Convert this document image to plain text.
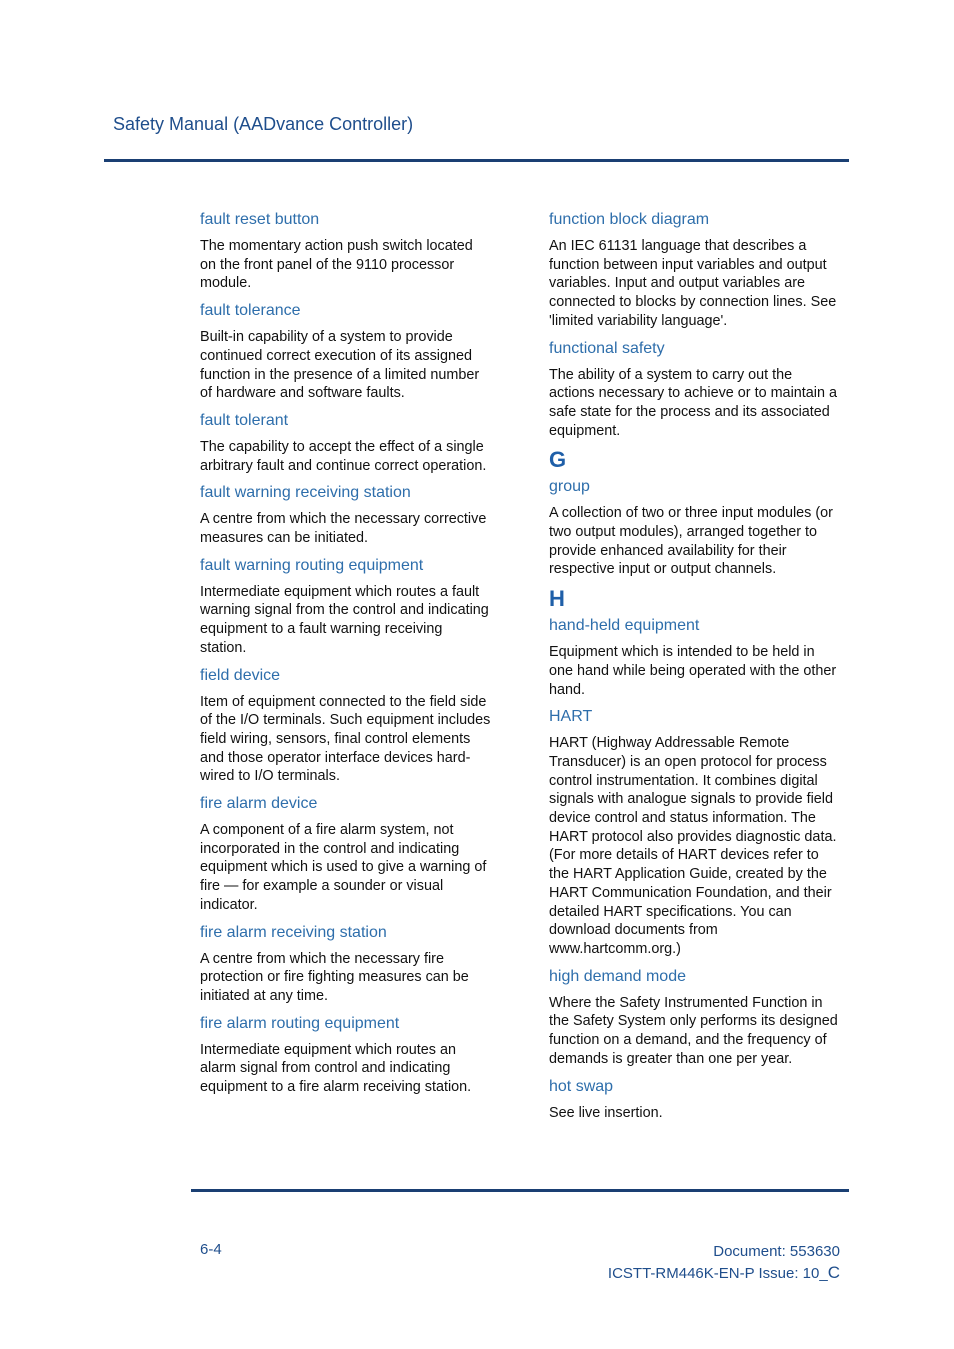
Safety Manual (AADvance Controller)
fault reset button
The momentary action push switch located on the front panel of the 9110 processor module.
fault tolerance
Built-in capability of a system to provide continued correct execution of its assigned function in the presence of a limited number of hardware and software faults.
fault tolerant
The capability to accept the effect of a single arbitrary fault and continue correct operation.
fault warning receiving station
A centre from which the necessary corrective measures can be initiated.
fault warning routing equipment
Intermediate equipment which routes a fault warning signal from the control and indicating equipment to a fault warning receiving station.
field device
Item of equipment connected to the field side of the I/O terminals. Such equipment includes field wiring, sensors, final control elements and those operator interface devices hard-wired to I/O terminals.
fire alarm device
A component of a fire alarm system, not incorporated in the control and indicating equipment which is used to give a warning of fire — for example a sounder or visual indicator.
fire alarm receiving station
A centre from which the necessary fire protection or fire fighting measures can be initiated at any time.
fire alarm routing equipment
Intermediate equipment which routes an alarm signal from control and indicating equipment to a fire alarm receiving station.
function block diagram
An IEC 61131 language that describes a function between input variables and output variables. Input and output variables are connected to blocks by connection lines. See 'limited variability language'.
functional safety
The ability of a system to carry out the actions necessary to achieve or to maintain a safe state for the process and its associated equipment.
G
group
A collection of two or three input modules (or two output modules), arranged together to provide enhanced availability for their respective input or output channels.
H
hand-held equipment
Equipment which is intended to be held in one hand while being operated with the other hand.
HART
HART (Highway Addressable Remote Transducer) is an open protocol for process control instrumentation. It combines digital signals with analogue signals to provide field device control and status information. The HART protocol also provides diagnostic data. (For more details of HART devices refer to the HART Application Guide, created by the HART Communication Foundation, and their detailed HART specifications. You can download documents from www.hartcomm.org.)
high demand mode
Where the Safety Instrumented Function in the Safety System only performs its designed function on a demand, and the frequency of demands is greater than one per year.
hot swap
See live insertion.
6-4	Document: 553630
ICSTT-RM446K-EN-P Issue: 10_C
